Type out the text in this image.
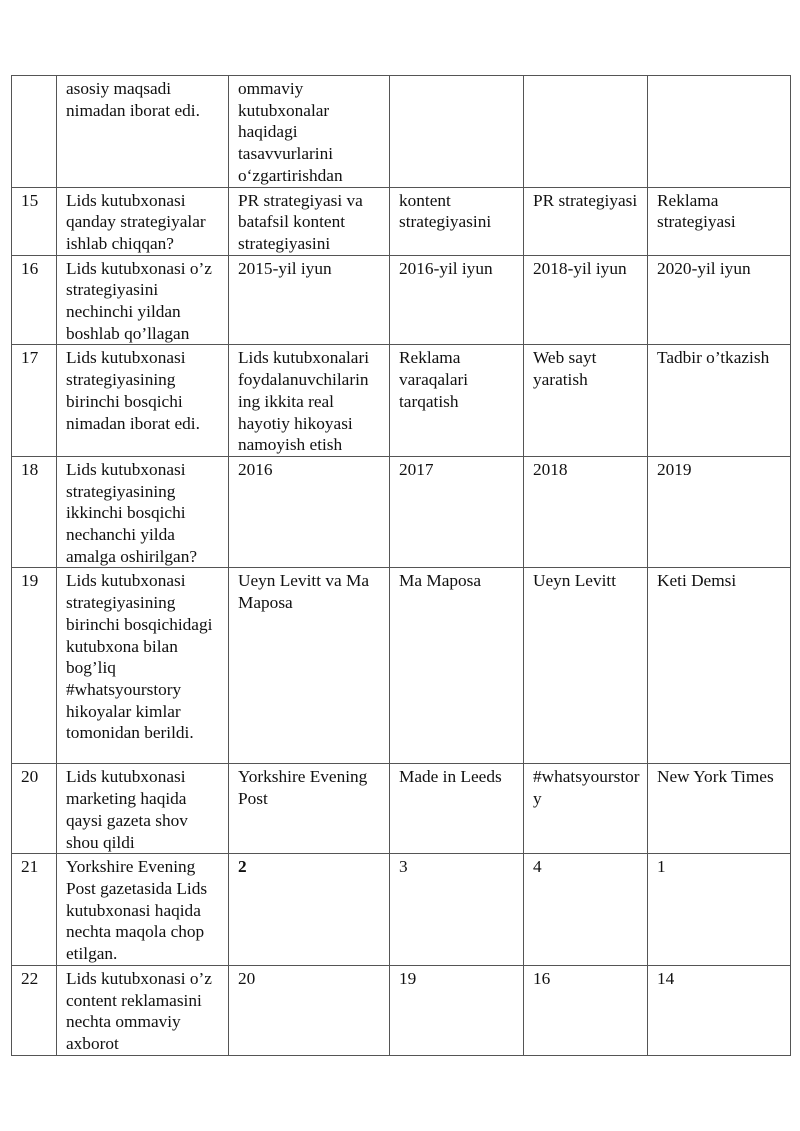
	asosiy maqsadi nimadan iborat edi.	ommaviy kutubxonalar haqidagi tasavvurlarini o‘zgartirishdan			
15	Lids kutubxonasi qanday strategiyalar ishlab chiqqan?	PR strategiyasi va batafsil kontent strategiyasini	kontent strategiyasini	PR strategiyasi	Reklama strategiyasi
16	Lids kutubxonasi o’z strategiyasini nechinchi yildan boshlab qo’llagan	2015-yil iyun	2016-yil iyun	2018-yil iyun	2020-yil iyun
17	Lids kutubxonasi strategiyasining birinchi bosqichi nimadan iborat edi.	Lids kutubxonalari foydalanuvchilarin ing ikkita real hayotiy hikoyasi namoyish etish	Reklama varaqalari tarqatish	Web sayt yaratish	Tadbir o’tkazish
18	Lids kutubxonasi strategiyasining ikkinchi bosqichi nechanchi yilda amalga oshirilgan?	2016	2017	2018	2019
19	Lids kutubxonasi strategiyasining birinchi bosqichidagi kutubxona bilan bog’liq #whatsyourstory hikoyalar kimlar tomonidan berildi.	Ueyn Levitt va Ma Maposa	Ma Maposa	Ueyn Levitt	Keti Demsi
20	Lids kutubxonasi marketing haqida qaysi gazeta shov shou qildi	Yorkshire Evening Post	Made in Leeds	#whatsyourstory	New York Times
21	Yorkshire Evening Post gazetasida Lids kutubxonasi haqida nechta maqola chop etilgan.	2	3	4	1
22	Lids kutubxonasi o’z content reklamasini nechta ommaviy axborot	20	19	16	14
